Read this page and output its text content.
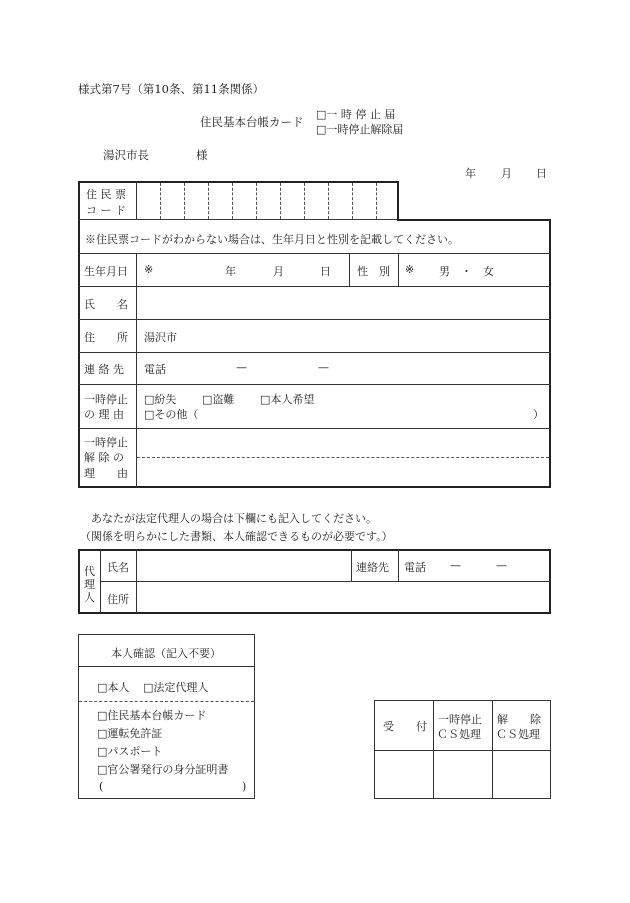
様式第7号（第10条、第11条関係）
住民基本台帳カード
□一 時 停 止 届
□一時停止解除届
湯沢市長	様
年 月 日
住 民 票
コ ー ド
※住民票コードがわからない場合は、生年月日と性別を記載してください。
生年月日 ※	年	月	日 性　別 ※ 男　・　女
氏　　名
住　　所 湯沢市
連 絡 先 電話	—	—
一時停止
の 理 由
□紛失 □盗難 □本人希望
□その他（	）
一時停止
解 除 の
理　　由
あなたが法定代理人の場合は下欄にも記入してください。
（関係を明らかにした書類、本人確認できるものが必要です。）
代
理
人
氏名	連絡先 電話 —	—
住所
本人確認（記入不要）
□本人 □法定代理人
□住民基本台帳カード
□運転免許証
□パスポート
□官公署発行の身分証明書
(	)
受　　付
一時停止
ＣＳ処理
解　　除
ＣＳ処理
